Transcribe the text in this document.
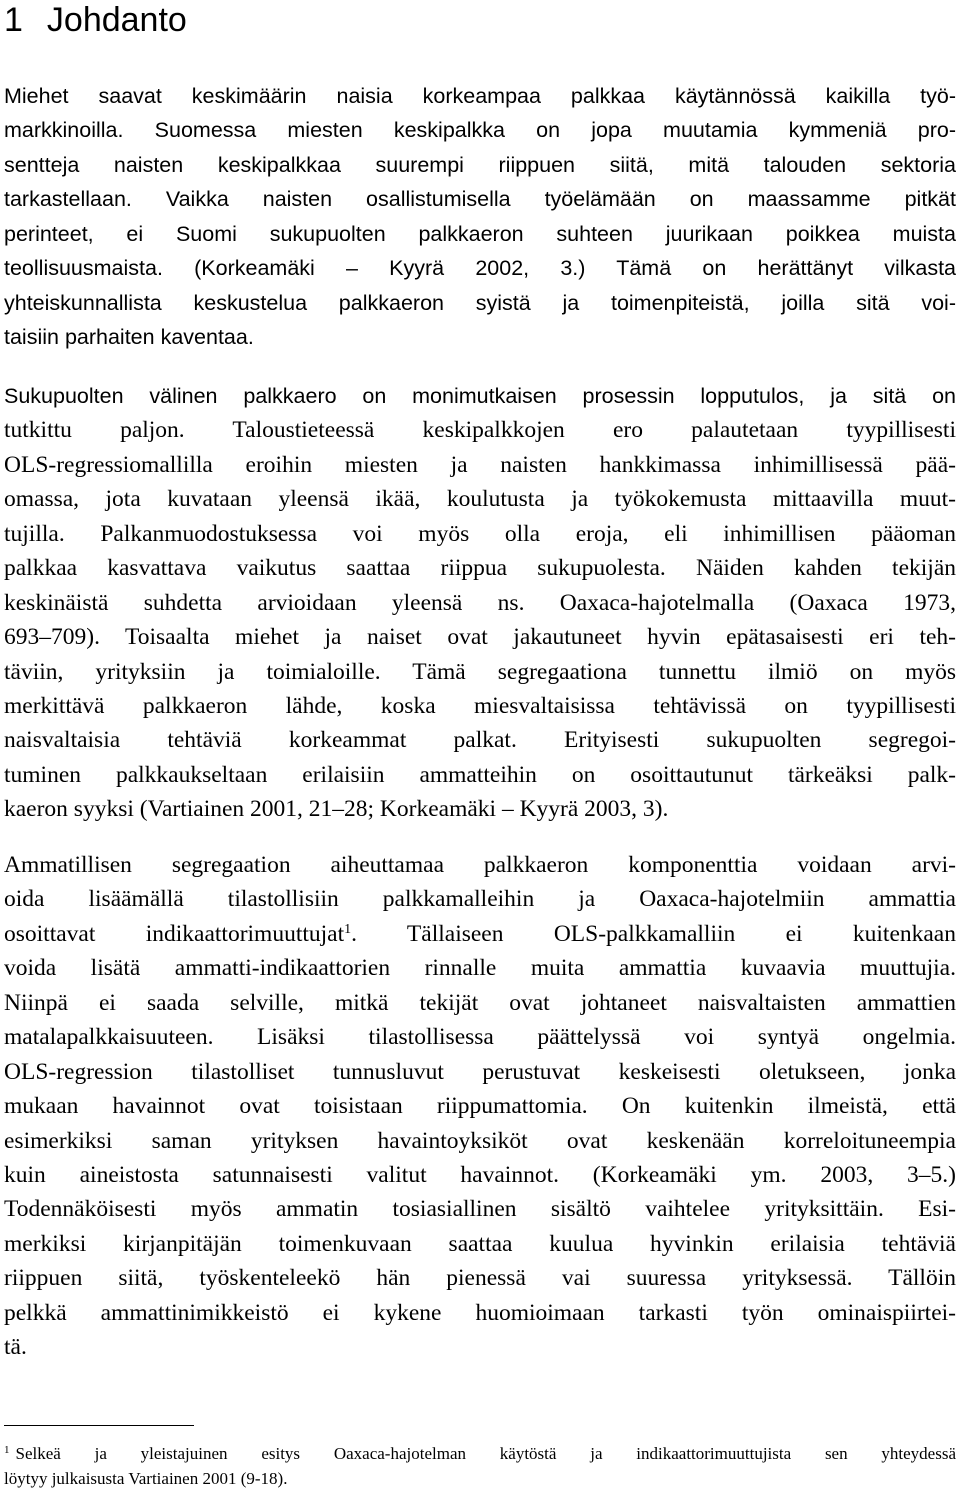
1 Johdanto
Miehet saavat keskimäärin naisia korkeampaa palkkaa käytännössä kaikilla työ-
markkinoilla. Suomessa miesten keskipalkka on jopa muutamia kymmeniä pro-
sentteja naisten keskipalkkaa suurempi riippuen siitä, mitä talouden sektoria
tarkastellaan. Vaikka naisten osallistumisella työelämään on maassamme pitkät
perinteet, ei Suomi sukupuolten palkkaeron suhteen juurikaan poikkea muista
teollisuusmaista. (Korkeamäki – Kyyrä 2002, 3.) Tämä on herättänyt vilkasta
yhteiskunnallista keskustelua palkkaeron syistä ja toimenpiteistä, joilla sitä voi-
taisiin parhaiten kaventaa.
Sukupuolten välinen palkkaero on monimutkaisen prosessin lopputulos, ja sitä on
tutkittu paljon. Taloustieteessä keskipalkkojen ero palautetaan tyypillisesti
OLS-regressiomallilla eroihin miesten ja naisten hankkimassa inhimillisessä pää-
omassa, jota kuvataan yleensä ikää, koulutusta ja työkokemusta mittaavilla muut-
tujilla. Palkanmuodostuksessa voi myös olla eroja, eli inhimillisen pääoman
palkkaa kasvattava vaikutus saattaa riippua sukupuolesta. Näiden kahden tekijän
keskinäistä suhdetta arvioidaan yleensä ns. Oaxaca-hajotelmalla (Oaxaca 1973,
693–709). Toisaalta miehet ja naiset ovat jakautuneet hyvin epätasaisesti eri teh-
täviin, yrityksiin ja toimialoille. Tämä segregaationa tunnettu ilmiö on myös
merkittävä palkkaeron lähde, koska miesvaltaisissa tehtävissä on tyypillisesti
naisvaltaisia tehtäviä korkeammat palkat. Erityisesti sukupuolten segregoi-
tuminen palkkaukseltaan erilaisiin ammatteihin on osoittautunut tärkeäksi palk-
kaeron syyksi (Vartiainen 2001, 21–28; Korkeamäki – Kyyrä 2003, 3).
Ammatillisen segregaation aiheuttamaa palkkaeron komponenttia voidaan arvi-
oida lisäämällä tilastollisiin palkkamalleihin ja Oaxaca-hajotelmiin ammattia
osoittavat indikaattorimuuttujat$^1$. Tällaiseen OLS-palkkamalliin ei kuitenkaan
voida lisätä ammatti-indikaattorien rinnalle muita ammattia kuvaavia muuttujia.
Niinpä ei saada selville, mitkä tekijät ovat johtaneet naisvaltaisten ammattien
matalapalkkaisuuteen. Lisäksi tilastollisessa päättelyssä voi syntyä ongelmia.
OLS-regression tilastolliset tunnusluvut perustuvat keskeisesti oletukseen, jonka
mukaan havainnot ovat toisistaan riippumattomia. On kuitenkin ilmeistä, että
esimerkiksi saman yrityksen havaintoyksiköt ovat keskenään korreloituneempia
kuin aineistosta satunnaisesti valitut havainnot. (Korkeamäki ym. 2003, 3–5.)
Todennäköisesti myös ammatin tosiasiallinen sisältö vaihtelee yrityksittäin. Esi-
merkiksi kirjanpitäjän toimenkuvaan saattaa kuulua hyvinkin erilaisia tehtäviä
riippuen siitä, työskenteleekö hän pienessä vai suuressa yrityksessä. Tällöin
pelkkä ammattinimikkeistö ei kykene huomioimaan tarkasti työn ominaispiirtei-
tä.
$^1$ Selkeä ja yleistajuinen esitys Oaxaca-hajotelman käytöstä ja indikaattorimuuttujista sen yhteydessä
löytyy julkaisusta Vartiainen 2001 (9-18).
